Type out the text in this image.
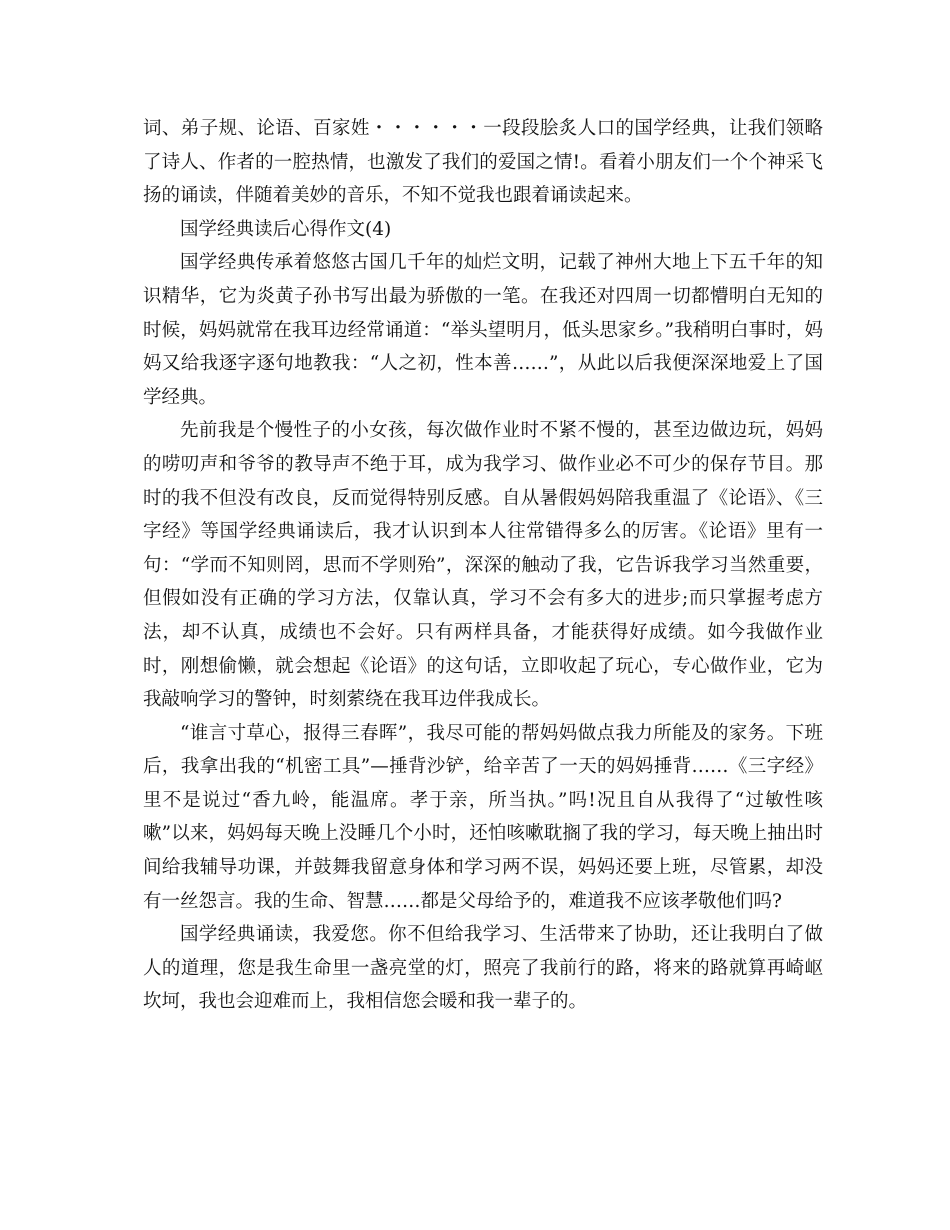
词、弟子规、论语、百家姓・・・・・・一段段脍炙人口的国学经典，让我们领略了诗人、作者的一腔热情，也激发了我们的爱国之情!。看着小朋友们一个个神采飞扬的诵读，伴随着美妙的音乐，不知不觉我也跟着诵读起来。

国学经典读后心得作文(4)

国学经典传承着悠悠古国几千年的灿烂文明，记载了神州大地上下五千年的知识精华，它为炎黄子孙书写出最为骄傲的一笔。在我还对四周一切都懵明白无知的时候，妈妈就常在我耳边经常诵道：“举头望明月，低头思家乡。”我稍明白事时，妈妈又给我逐字逐句地教我：“人之初，性本善……”，从此以后我便深深地爱上了国学经典。

先前我是个慢性子的小女孩，每次做作业时不紧不慢的，甚至边做边玩，妈妈的唠叨声和爷爷的教导声不绝于耳，成为我学习、做作业必不可少的保存节目。那时的我不但没有改良，反而觉得特别反感。自从暑假妈妈陪我重温了《论语》、《三字经》等国学经典诵读后，我才认识到本人往常错得多么的厉害。《论语》里有一句：“学而不知则罔，思而不学则殆”，深深的触动了我，它告诉我学习当然重要，但假如没有正确的学习方法，仅靠认真，学习不会有多大的进步;而只掌握考虑方法，却不认真，成绩也不会好。只有两样具备，才能获得好成绩。如今我做作业时，刚想偷懒，就会想起《论语》的这句话，立即收起了玩心，专心做作业，它为我敲响学习的警钟，时刻萦绕在我耳边伴我成长。

“谁言寸草心，报得三春晖”，我尽可能的帮妈妈做点我力所能及的家务。下班后，我拿出我的“机密工具”—捶背沙铲，给辛苦了一天的妈妈捶背……《三字经》里不是说过“香九岭，能温席。孝于亲，所当执。”吗!况且自从我得了“过敏性咳嗽”以来，妈妈每天晚上没睡几个小时，还怕咳嗽耽搁了我的学习，每天晚上抽出时间给我辅导功课，并鼓舞我留意身体和学习两不误，妈妈还要上班，尽管累，却没有一丝怨言。我的生命、智慧……都是父母给予的，难道我不应该孝敬他们吗?

国学经典诵读，我爱您。你不但给我学习、生活带来了协助，还让我明白了做人的道理，您是我生命里一盏亮堂的灯，照亮了我前行的路，将来的路就算再崎岖坎坷，我也会迎难而上，我相信您会暖和我一辈子的。
